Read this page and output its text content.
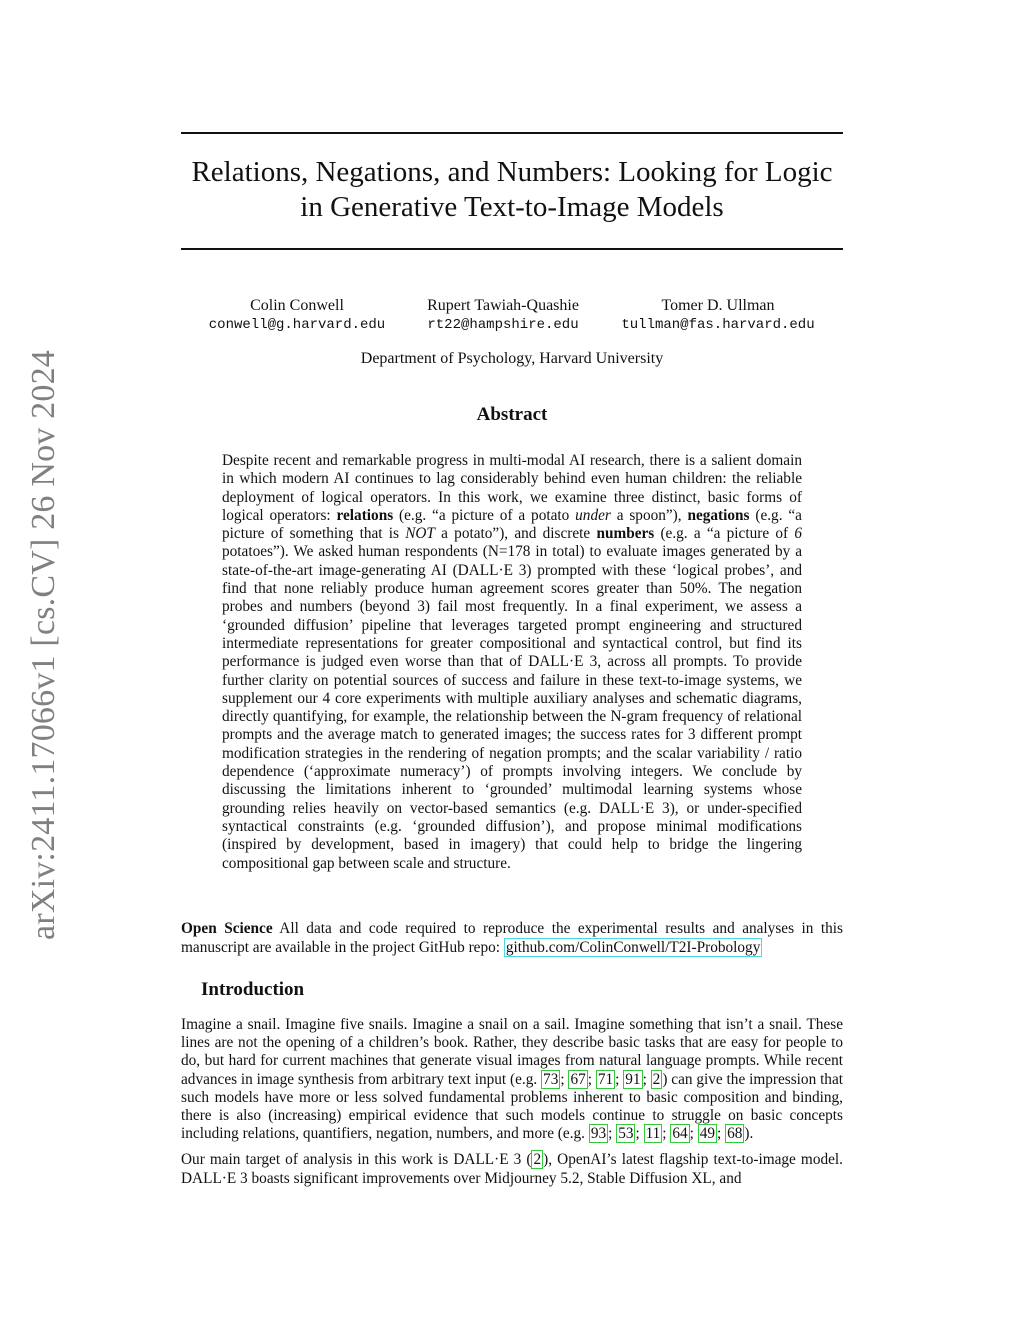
arXiv:2411.17066v1 [cs.CV] 26 Nov 2024
Relations, Negations, and Numbers: Looking for Logic
in Generative Text-to-Image Models
Colin Conwell
conwell@g.harvard.edu
Rupert Tawiah-Quashie
rt22@hampshire.edu
Tomer D. Ullman
tullman@fas.harvard.edu
Department of Psychology, Harvard University
Abstract
Despite recent and remarkable progress in multi-modal AI research, there is a salient domain in which modern AI continues to lag considerably behind even human children: the reliable deployment of logical operators. In this work, we examine three distinct, basic forms of logical operators: relations (e.g. “a picture of a potato under a spoon”), negations (e.g. “a picture of something that is NOT a potato”), and discrete numbers (e.g. a “a picture of 6 potatoes”). We asked human respondents (N=178 in total) to evaluate images generated by a state-of-the-art image-generating AI (DALL·E 3) prompted with these ‘logical probes’, and find that none reliably produce human agreement scores greater than 50%. The negation probes and numbers (beyond 3) fail most frequently. In a final experiment, we assess a ‘grounded diffusion’ pipeline that leverages targeted prompt engineering and structured intermediate representations for greater compositional and syntactical control, but find its performance is judged even worse than that of DALL·E 3, across all prompts. To provide further clarity on potential sources of success and failure in these text-to-image systems, we supplement our 4 core experiments with multiple auxiliary analyses and schematic diagrams, directly quantifying, for example, the relationship between the N-gram frequency of relational prompts and the average match to generated images; the success rates for 3 different prompt modification strategies in the rendering of negation prompts; and the scalar variability / ratio dependence (‘approximate numeracy’) of prompts involving integers. We conclude by discussing the limitations inherent to ‘grounded’ multimodal learning systems whose grounding relies heavily on vector-based semantics (e.g. DALL·E 3), or under-specified syntactical constraints (e.g. ‘grounded diffusion’), and propose minimal modifications (inspired by development, based in imagery) that could help to bridge the lingering compositional gap between scale and structure.
Open Science All data and code required to reproduce the experimental results and analyses in this manuscript are available in the project GitHub repo: github.com/ColinConwell/T2I-Probology
Introduction

Imagine a snail. Imagine five snails. Imagine a snail on a sail. Imagine something that isn’t a snail. These lines are not the opening of a children’s book. Rather, they describe basic tasks that are easy for people to do, but hard for current machines that generate visual images from natural language prompts. While recent advances in image synthesis from arbitrary text input (e.g. 73 ; 67 ; 71 ; 91 ; 2 ) can give the impression that such models have more or less solved fundamental problems inherent to basic composition and binding, there is also (increasing) empirical evidence that such models continue to struggle on basic concepts including relations, quantifiers, negation, numbers, and more (e.g. 93 ; 53 ; 11 ; 64 ; 49 ; 68 ).

Our main target of analysis in this work is DALL·E 3 ( 2 ), OpenAI’s latest flagship text-to-image model. DALL·E 3 boasts significant improvements over Midjourney 5.2, Stable Diffusion XL, and
